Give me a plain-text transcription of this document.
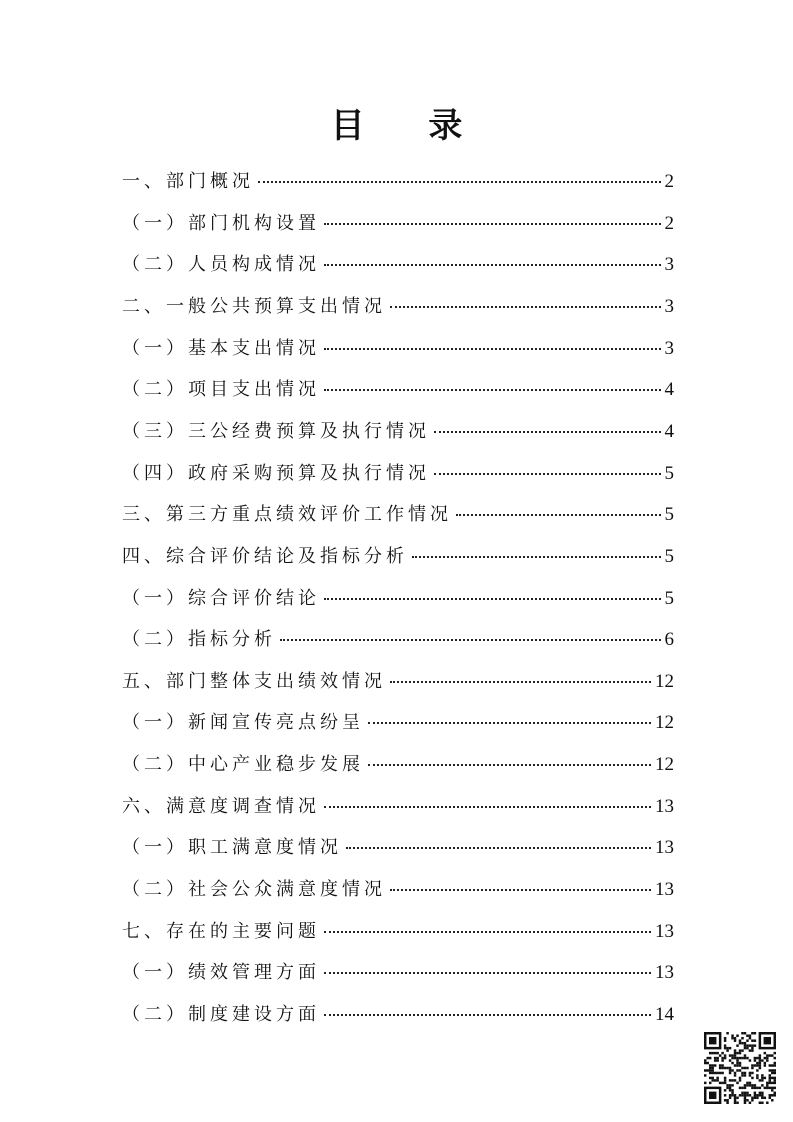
目 录
一、部门概况	2
（一）部门机构设置	2
（二）人员构成情况	3
二、一般公共预算支出情况	3
（一）基本支出情况	3
（二）项目支出情况	4
（三）三公经费预算及执行情况	4
（四）政府采购预算及执行情况	5
三、第三方重点绩效评价工作情况	5
四、综合评价结论及指标分析	5
（一）综合评价结论	5
（二）指标分析	6
五、部门整体支出绩效情况	12
（一）新闻宣传亮点纷呈	12
（二）中心产业稳步发展	12
六、满意度调查情况	13
（一）职工满意度情况	13
（二）社会公众满意度情况	13
七、存在的主要问题	13
（一）绩效管理方面	13
（二）制度建设方面	14
